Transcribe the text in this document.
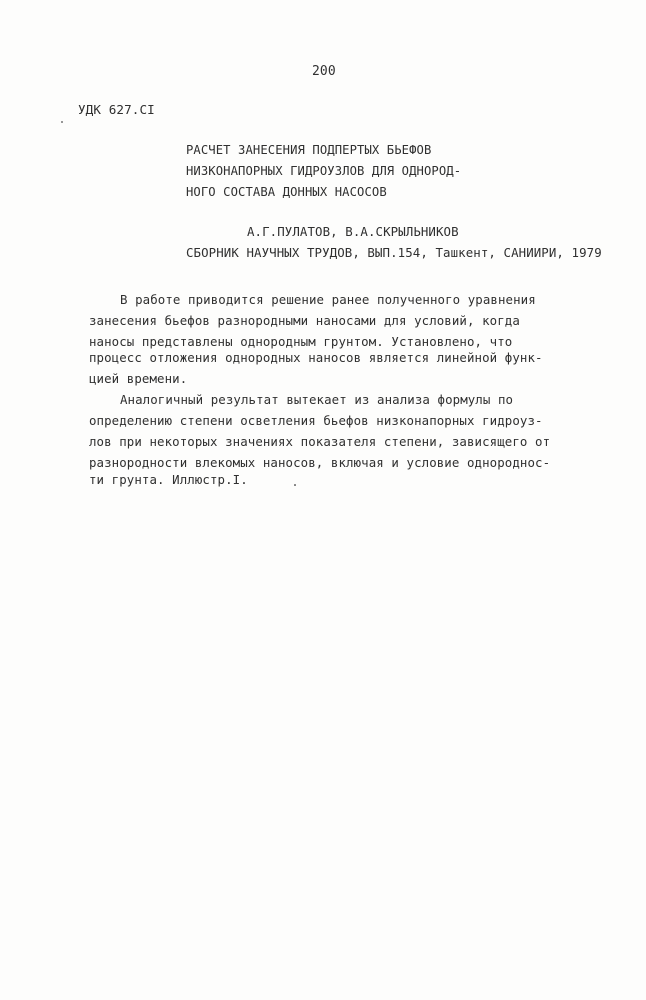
200
УДК 627.СI
РАСЧЕТ ЗАНЕСЕНИЯ ПОДПЕРТЫХ БЬЕФОВ
НИЗКОНАПОРНЫХ ГИДРОУЗЛОВ ДЛЯ ОДНОРОД-
НОГО СОСТАВА ДОННЫХ НАСОСОВ
А.Г.ПУЛАТОВ, В.А.СКРЫЛЬНИКОВ
СБОРНИК НАУЧНЫХ ТРУДОВ, ВЫП.154, Ташкент, САНИИРИ, 1979
В работе приводится решение ранее полученного уравнения
занесения бьефов разнородными наносами для условий, когда
наносы представлены однородным грунтом. Установлено, что
процесс отложения однородных наносов является линейной функ-
цией времени.
Аналогичный результат вытекает из анализа формулы по
определению степени осветления бьефов низконапорных гидроуз-
лов при некоторых значениях показателя степени, зависящего от
разнородности влекомых наносов, включая и условие однороднос-
ти грунта. Иллюстр.I.
